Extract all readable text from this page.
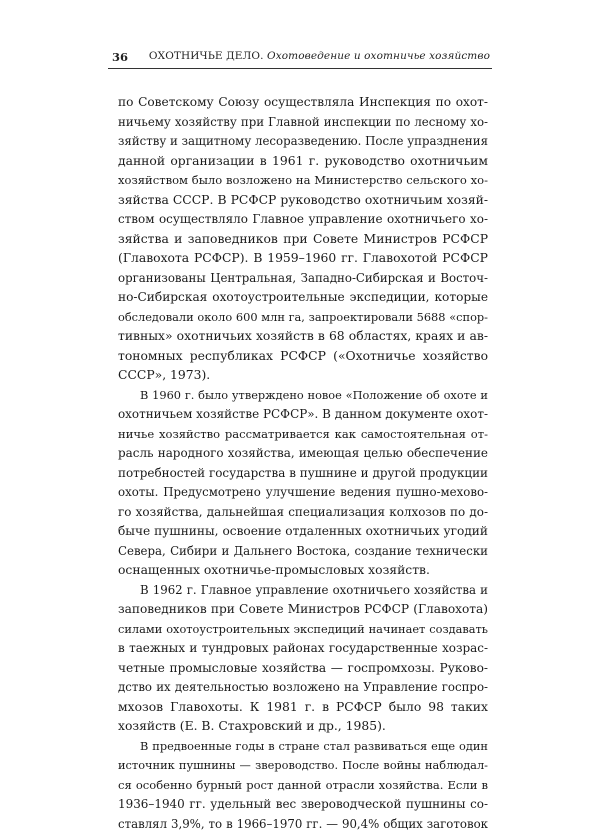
36 ОХОТНИЧЬЕ ДЕЛО. Охотоведение и охотничье хозяйство
по Советскому Союзу осуществляла Инспекция по охот-
ничьему хозяйству при Главной инспекции по лесному хо-
зяйству и защитному лесоразведению. После упразднения
данной организации в 1961 г. руководство охотничьим
хозяйством было возложено на Министерство сельского хо-
зяйства СССР. В РСФСР руководство охотничьим хозяй-
ством осуществляло Главное управление охотничьего хо-
зяйства и заповедников при Совете Министров РСФСР
(Главохота РСФСР). В 1959–1960 гг. Главохотой РСФСР
организованы Центральная, Западно-Сибирская и Восточ-
но-Сибирская охотоустроительные экспедиции, которые
обследовали около 600 млн га, запроектировали 5688 «спор-
тивных» охотничьих хозяйств в 68 областях, краях и ав-
тономных республиках РСФСР («Охотничье хозяйство
СССР», 1973).
В 1960 г. было утверждено новое «Положение об охоте и
охотничьем хозяйстве РСФСР». В данном документе охот-
ничье хозяйство рассматривается как самостоятельная от-
расль народного хозяйства, имеющая целью обеспечение
потребностей государства в пушнине и другой продукции
охоты. Предусмотрено улучшение ведения пушно-мехово-
го хозяйства, дальнейшая специализация колхозов по до-
быче пушнины, освоение отдаленных охотничьих угодий
Севера, Сибири и Дальнего Востока, создание технически
оснащенных охотничье-промысловых хозяйств.
В 1962 г. Главное управление охотничьего хозяйства и
заповедников при Совете Министров РСФСР (Главохота)
силами охотоустроительных экспедиций начинает создавать
в таежных и тундровых районах государственные хозрас-
четные промысловые хозяйства — госпромхозы. Руково-
дство их деятельностью возложено на Управление госпро-
мхозов Главохоты. К 1981 г. в РСФСР было 98 таких
хозяйств (Е. В. Стахровский и др., 1985).
В предвоенные годы в стране стал развиваться еще один
источник пушнины — звероводство. После войны наблюдал-
ся особенно бурный рост данной отрасли хозяйства. Если в
1936–1940 гг. удельный вес звероводческой пушнины со-
ставлял 3,9%, то в 1966–1970 гг. — 90,4% общих заготовок
